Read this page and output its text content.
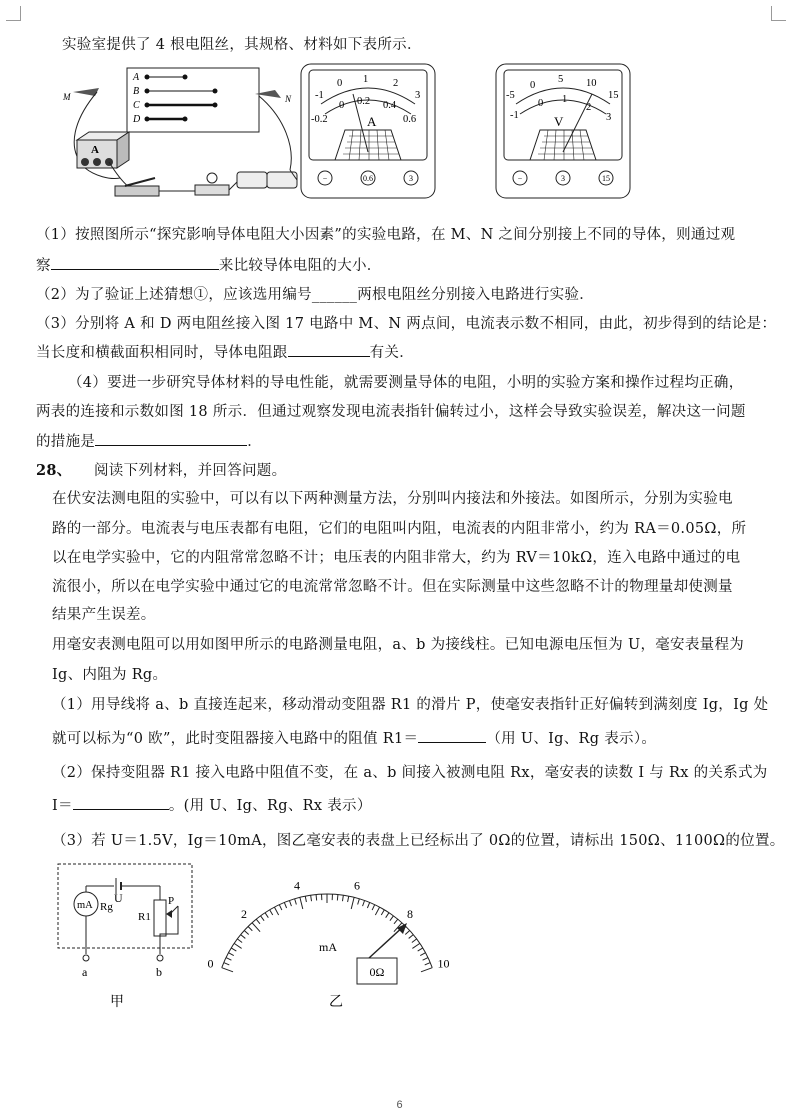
实验室提供了 4 根电阻丝，其规格、材料如下表所示．
A
B
C
D
M	N
A
-1
0 1 2
3
0 0.2 0.4
-0.2	0.6
A
−	0.6	3
-5
0
5 10
15
0 1
2
-1	3
V
−	3	15
（1）按照图所示“探究影响导体电阻大小因素”的实验电路，在 M、N 之间分别接上不同的导体，则通过观
察	来比较导体电阻的大小．
（2）为了验证上述猜想①，应该选用编号______两根电阻丝分别接入电路进行实验．
（3）分别将 A 和 D 两电阻丝接入图 17 电路中 M、N 两点间，电流表示数不相同，由此，初步得到的结论是：
当长度和横截面积相同时，导体电阻跟	有关．
（4）要进一步研究导体材料的导电性能，就需要测量导体的电阻，小明的实验方案和操作过程均正确，
两表的连接和示数如图 18 所示．但通过观察发现电流表指针偏转过小，这样会导致实验误差，解决这一问题
的措施是	．
28、 阅读下列材料，并回答问题。
在伏安法测电阻的实验中，可以有以下两种测量方法，分别叫内接法和外接法。如图所示，分别为实验电
路的一部分。电流表与电压表都有电阻，它们的电阻叫内阻，电流表的内阻非常小，约为 RA＝0.05Ω，所
以在电学实验中，它的内阻常常忽略不计；电压表的内阻非常大，约为 RV＝10kΩ，连入电路中通过的电
流很小，所以在电学实验中通过它的电流常常忽略不计。但在实际测量中这些忽略不计的物理量却使测量
结果产生误差。
用毫安表测电阻可以用如图甲所示的电路测量电阻，a、b 为接线柱。已知电源电压恒为 U，毫安表量程为
Ig、内阻为 Rg。
（1）用导线将 a、b 直接连起来，移动滑动变阻器 R1 的滑片 P，使毫安表指针正好偏转到满刻度 Ig，Ig 处
就可以标为“0 欧”，此时变阻器接入电路中的阻值 R1＝	（用 U、Ig、Rg 表示）。
（2）保持变阻器 R1 接入电路中阻值不变，在 a、b 间接入被测电阻 Rx，毫安表的读数 I 与 Rx 的关系式为
I＝	。(用 U、Ig、Rg、Rx 表示）
（3）若 U＝1.5V，Ig＝10mA，图乙毫安表的表盘上已经标出了 0Ω的位置，请标出 150Ω、1100Ω的位置。
U
mA Rg
R1
P
a	b
甲
0
2
4	6
8
10
mA
0Ω
乙
6
